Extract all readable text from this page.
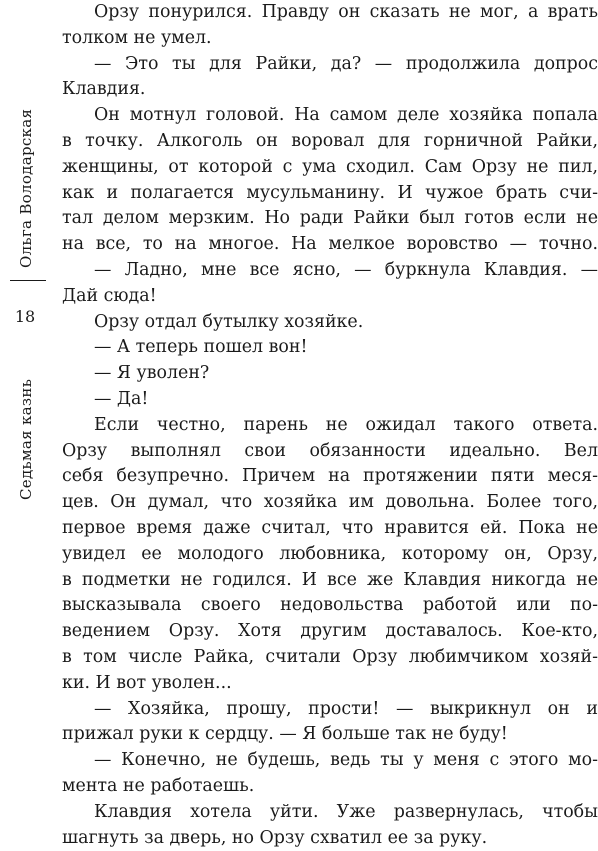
Ольга Володарская
18
Седьмая казнь
Орзу понурился. Правду он сказать не мог, а врать
толком не умел.
— Это ты для Райки, да? — продолжила допрос
Клавдия.
Он мотнул головой. На самом деле хозяйка попала
в точку. Алкоголь он воровал для горничной Райки,
женщины, от которой с ума сходил. Сам Орзу не пил,
как и полагается мусульманину. И чужое брать счи-
тал делом мерзким. Но ради Райки был готов если не
на все, то на многое. На мелкое воровство — точно.
— Ладно, мне все ясно, — буркнула Клавдия. —
Дай сюда!
Орзу отдал бутылку хозяйке.
— А теперь пошел вон!
— Я уволен?
— Да!
Если честно, парень не ожидал такого ответа.
Орзу выполнял свои обязанности идеально. Вел
себя безупречно. Причем на протяжении пяти меся-
цев. Он думал, что хозяйка им довольна. Более того,
первое время даже считал, что нравится ей. Пока не
увидел ее молодого любовника, которому он, Орзу,
в подметки не годился. И все же Клавдия никогда не
высказывала своего недовольства работой или по-
ведением Орзу. Хотя другим доставалось. Кое-кто,
в том числе Райка, считали Орзу любимчиком хозяй-
ки. И вот уволен...
— Хозяйка, прошу, прости! — выкрикнул он и
прижал руки к сердцу. — Я больше так не буду!
— Конечно, не будешь, ведь ты у меня с этого мо-
мента не работаешь.
Клавдия хотела уйти. Уже развернулась, чтобы
шагнуть за дверь, но Орзу схватил ее за руку.
